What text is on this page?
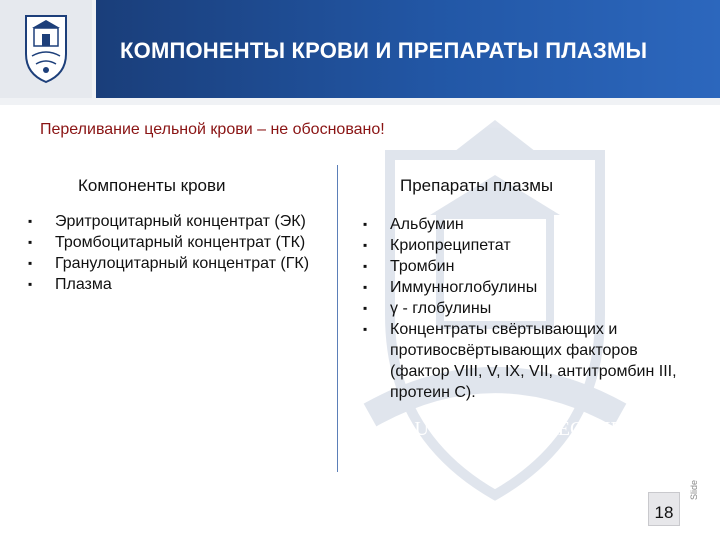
КОМПОНЕНТЫ КРОВИ И ПРЕПАРАТЫ ПЛАЗМЫ
DUCENDO ALIIS EGO IPSE ARDEO
Переливание цельной крови – не обосновано!
Компоненты крови	Препараты плазмы
▪	Эритроцитарный концентрат (ЭК)
▪	Тромбоцитарный концентрат (ТК)
▪	Гранулоцитарный концентрат (ГК)
▪	Плазма
▪	Альбумин
▪	Криопреципетат
▪	Тромбин
▪	Иммунноглобулины
▪	γ - глобулины
▪	Концентраты свёртывающих и противосвёртывающих факторов (фактор VIII, V, IX, VII, антитромбин III, протеин С).
18
Slide
